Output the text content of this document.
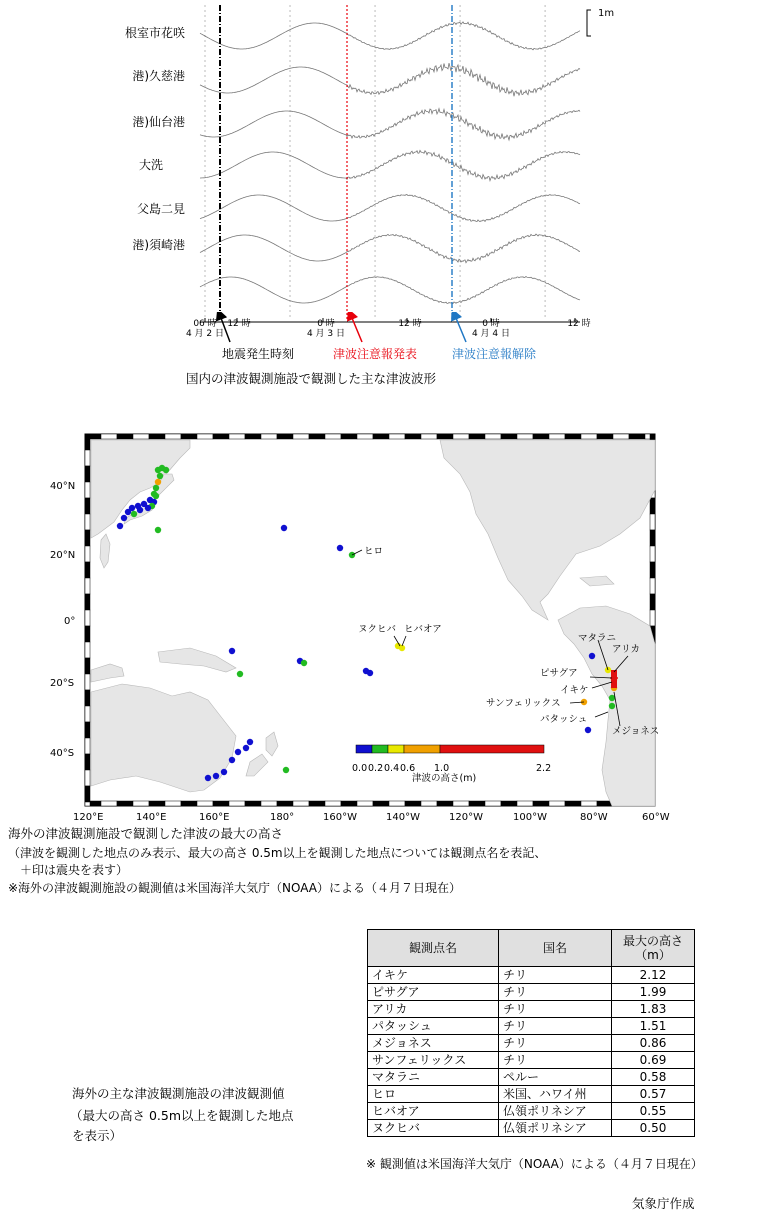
根室市花咲
港)久慈港
港)仙台港
大洗
父島二見
港)須崎港
1m
06 時
4 月 2 日
12 時	0 時
4 月 3 日
12 時	0 時
4 月 4 日
12 時
地震発生時刻	津波注意報発表	津波注意報解除
国内の津波観測施設で観測した主な津波波形
ヒロ
ヌクヒバ ヒバオア
マタラニ
アリカ
ピサグア
イキケ
サンフェリックス
パタッシュ
メジョネス
0.0 0.2 0.4 0.6 1.0	2.2
津波の高さ(m)
40°N
20°N
0°
20°S
40°S
120°E	140°E	160°E	180°	160°W	140°W	120°W	100°W	80°W	60°W
海外の津波観測施設で観測した津波の最大の高さ
（津波を観測した地点のみ表示、最大の高さ 0.5m以上を観測した地点については観測点名を表記、
＋印は震央を表す）
※海外の津波観測施設の観測値は米国海洋大気庁（NOAA）による（４月７日現在）
海外の主な津波観測施設の津波観測値
（最大の高さ 0.5m以上を観測した地点
を表示）
観測点名	国名	最大の高さ
（m）

イキケ	チリ	2.12
ピサグア	チリ	1.99
アリカ	チリ	1.83
パタッシュ	チリ	1.51
メジョネス	チリ	0.86
サンフェリックス	チリ	0.69
マタラニ	ペルー	0.58
ヒロ	米国、ハワイ州	0.57
ヒバオア	仏領ポリネシア	0.55
ヌクヒバ	仏領ポリネシア	0.50
※ 観測値は米国海洋大気庁（NOAA）による（４月７日現在）
気象庁作成
